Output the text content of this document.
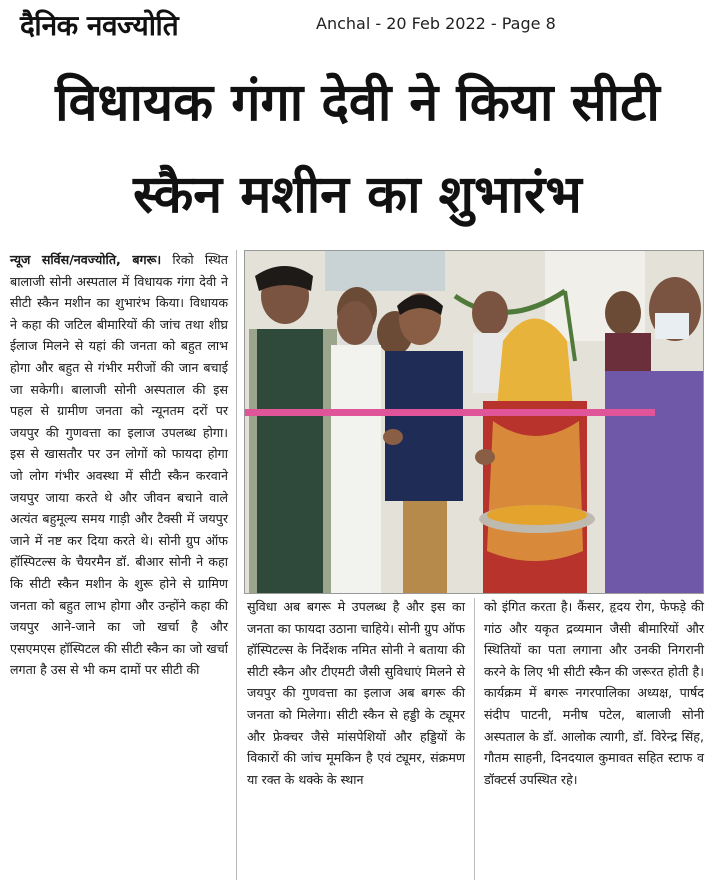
दैनिक नवज्योति	Anchal - 20 Feb 2022 - Page 8
विधायक गंगा देवी ने किया सीटी
स्कैन मशीन का शुभारंभ
न्यूज सर्विस/नवज्योति, बगरू। रिको स्थित बालाजी सोनी अस्पताल में विधायक गंगा देवी ने सीटी स्कैन मशीन का शुभारंभ किया। विधायक ने कहा की जटिल बीमारियों की जांच तथा शीघ्र ईलाज मिलने से यहां की जनता को बहुत लाभ होगा और बहुत से गंभीर मरीजों की जान बचाई जा सकेगी। बालाजी सोनी अस्पताल की इस पहल से ग्रामीण जनता को न्यूनतम दरों पर जयपुर की गुणवत्ता का इलाज उपलब्ध होगा। इस से खासतौर पर उन लोगों को फायदा होगा जो लोग गंभीर अवस्था में सीटी स्कैन करवाने जयपुर जाया करते थे और जीवन बचाने वाले अत्यंत बहुमूल्य समय गाड़ी और टैक्सी में जयपुर जाने में नष्ट कर दिया करते थे। सोनी ग्रुप ऑफ हॉस्पिटल्स के चैयरमैन डॉ. बीआर सोनी ने कहा कि सीटी स्कैन मशीन के शुरू होने से ग्रामिण जनता को बहुत लाभ होगा और उन्होंने कहा की जयपुर आने-जाने का जो खर्चा है और एसएमएस हॉस्पिटल की सीटी स्कैन का जो खर्चा लगता है उस से भी कम दामों पर सीटी की
सुविधा अब बगरू मे उपलब्ध है और इस का जनता का फायदा उठाना चाहिये। सोनी ग्रुप ऑफ हॉस्पिटल्स के निर्देशक नमित सोनी ने बताया की सीटी स्कैन और टीएमटी जैसी सुविधाएं मिलने से जयपुर की गुणवत्ता का इलाज अब बगरू की जनता को मिलेगा। सीटी स्कैन से हड्डी के ट्यूमर और फ्रेक्चर जैसे मांसपेशियों और हड्डियों के विकारों की जांच मूमकिन है एवं ट्यूमर, संक्रमण या रक्त के थक्के के स्थान
को इंगित करता है। कैंसर, हृदय रोग, फेफड़े की गांठ और यकृत द्रव्यमान जैसी बीमारियों और स्थितियों का पता लगाना और उनकी निगरानी करने के लिए भी सीटी स्कैन की जरूरत होती है। कार्यक्रम में बगरू नगरपालिका अध्यक्ष, पार्षद संदीप पाटनी, मनीष पटेल, बालाजी सोनी अस्पताल के डॉ. आलोक त्यागी, डॉ. विरेन्द्र सिंह, गौतम साहनी, दिनदयाल कुमावत सहित स्टाफ व डॉक्टर्स उपस्थित रहे।
